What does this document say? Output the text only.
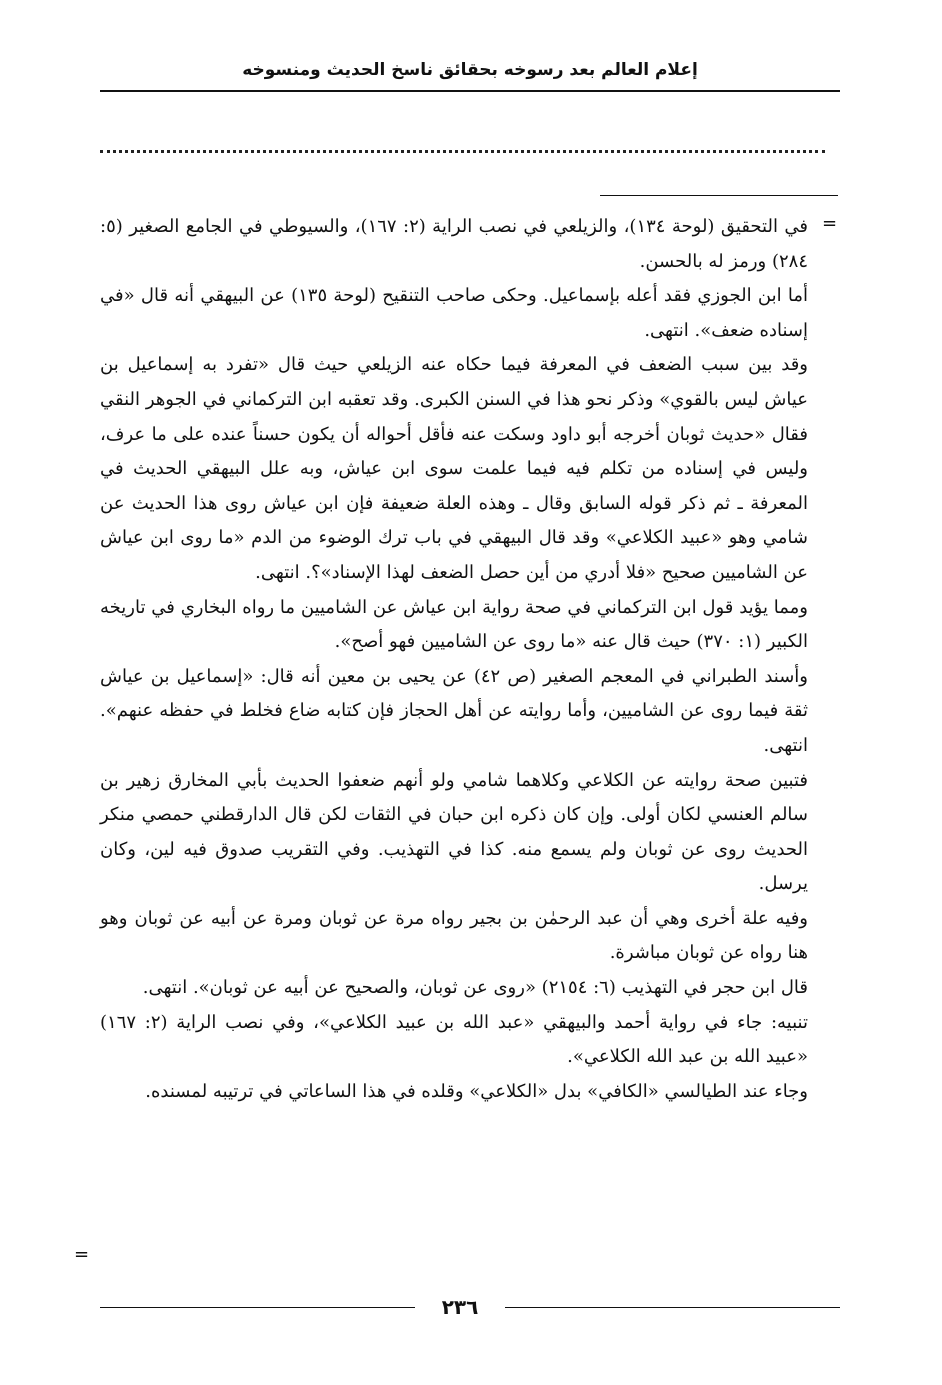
إعلام العالم بعد رسوخه بحقائق ناسخ الحديث ومنسوخه
=

في التحقيق (لوحة ١٣٤)، والزيلعي في نصب الراية (٢: ١٦٧)، والسيوطي في الجامع الصغير (٥: ٢٨٤) ورمز له بالحسن.

أما ابن الجوزي فقد أعله بإسماعيل. وحكى صاحب التنقيح (لوحة ١٣٥) عن البيهقي أنه قال «في إسناده ضعف». انتهى.

وقد بين سبب الضعف في المعرفة فيما حكاه عنه الزيلعي حيث قال «تفرد به إسماعيل بن عياش ليس بالقوي» وذكر نحو هذا في السنن الكبرى. وقد تعقبه ابن التركماني في الجوهر النقي فقال «حديث ثوبان أخرجه أبو داود وسكت عنه فأقل أحواله أن يكون حسناً عنده على ما عرف، وليس في إسناده من تكلم فيه فيما علمت سوى ابن عياش، وبه علل البيهقي الحديث في المعرفة ـ ثم ذكر قوله السابق وقال ـ وهذه العلة ضعيفة فإن ابن عياش روى هذا الحديث عن شامي وهو «عبيد الكلاعي» وقد قال البيهقي في باب ترك الوضوء من الدم «ما روى ابن عياش عن الشاميين صحيح «فلا أدري من أين حصل الضعف لهذا الإسناد»؟. انتهى.

ومما يؤيد قول ابن التركماني في صحة رواية ابن عياش عن الشاميين ما رواه البخاري في تاريخه الكبير (١: ٣٧٠) حيث قال عنه «ما روى عن الشاميين فهو أصح».

وأسند الطبراني في المعجم الصغير (ص ٤٢) عن يحيى بن معين أنه قال: «إسماعيل بن عياش ثقة فيما روى عن الشاميين، وأما روايته عن أهل الحجاز فإن كتابه ضاع فخلط في حفظه عنهم». انتهى.

فتبين صحة روايته عن الكلاعي وكلاهما شامي ولو أنهم ضعفوا الحديث بأبي المخارق زهير بن سالم العنسي لكان أولى. وإن كان ذكره ابن حبان في الثقات لكن قال الدارقطني حمصي منكر الحديث روى عن ثوبان ولم يسمع منه. كذا في التهذيب. وفي التقريب صدوق فيه لين، وكان يرسل.

وفيه علة أخرى وهي أن عبد الرحمٰن بن بجير رواه مرة عن ثوبان ومرة عن أبيه عن ثوبان وهو هنا رواه عن ثوبان مباشرة.

قال ابن حجر في التهذيب (٦: ٢١٥٤) «روى عن ثوبان، والصحيح عن أبيه عن ثوبان». انتهى.

تنبيه: جاء في رواية أحمد والبيهقي «عبد الله بن عبيد الكلاعي»، وفي نصب الراية (٢: ١٦٧) «عبيد الله بن عبد الله الكلاعي».

وجاء عند الطيالسي «الكافي» بدل «الكلاعي» وقلده في هذا الساعاتي في ترتيبه لمسنده.

=
٢٣٦
